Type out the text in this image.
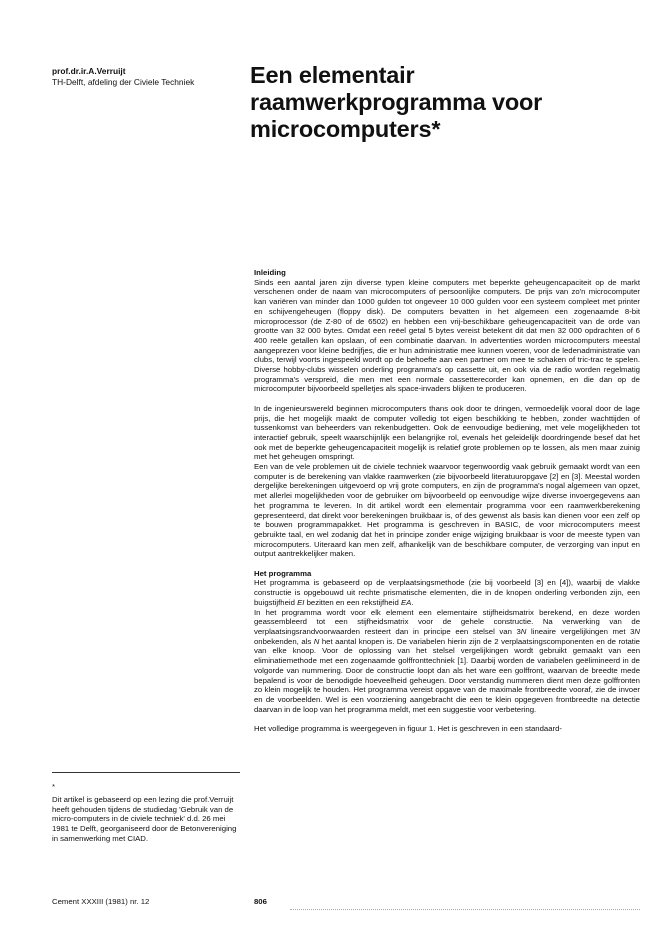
prof.dr.ir.A.Verruijt
TH-Delft, afdeling der Civiele Techniek Een elementair
raamwerkprogramma voor
microcomputers*
Inleiding

Sinds een aantal jaren zijn diverse typen kleine computers met beperkte geheugencapaciteit op de markt verschenen onder de naam van microcomputers of persoonlijke computers. De prijs van zo'n microcomputer kan variëren van minder dan 1000 gulden tot ongeveer 10 000 gulden voor een systeem compleet met printer en schijvengeheugen (floppy disk). De computers bevatten in het algemeen een zogenaamde 8-bit microprocessor (de Z-80 of de 6502) en hebben een vrij-beschikbare geheugencapaciteit van de orde van grootte van 32 000 bytes. Omdat een reëel getal 5 bytes vereist betekent dit dat men 32 000 opdrachten of 6 400 reële getallen kan opslaan, of een combinatie daarvan. In advertenties worden microcomputers meestal aangeprezen voor kleine bedrijfjes, die er hun administratie mee kunnen voeren, voor de ledenadministratie van clubs, terwijl voorts ingespeeld wordt op de behoefte aan een partner om mee te schaken of tric-trac te spelen. Diverse hobby-clubs wisselen onderling programma's op cassette uit, en ook via de radio worden regelmatig programma's verspreid, die men met een normale cassetterecorder kan opnemen, en die dan op de microcomputer bijvoorbeeld spelletjes als space-invaders blijken te produceren.

In de ingenieurswereld beginnen microcomputers thans ook door te dringen, vermoedelijk vooral door de lage prijs, die het mogelijk maakt de computer volledig tot eigen beschikking te hebben, zonder wachttijden of tussenkomst van beheerders van rekenbudgetten. Ook de eenvoudige bediening, met vele mogelijkheden tot interactief gebruik, speelt waarschijnlijk een belangrijke rol, evenals het geleidelijk doordringende besef dat het ook met de beperkte geheugencapaciteit mogelijk is relatief grote problemen op te lossen, als men maar zuinig met het geheugen omspringt.

Een van de vele problemen uit de civiele techniek waarvoor tegenwoordig vaak gebruik gemaakt wordt van een computer is de berekening van vlakke raamwerken (zie bijvoorbeeld literatuuropgave [2] en [3]. Meestal worden dergelijke berekeningen uitgevoerd op vrij grote computers, en zijn de programma's nogal algemeen van opzet, met allerlei mogelijkheden voor de gebruiker om bijvoorbeeld op eenvoudige wijze diverse invoergegevens aan het programma te leveren. In dit artikel wordt een elementair programma voor een raamwerkberekening gepresenteerd, dat direkt voor berekeningen bruikbaar is, of des gewenst als basis kan dienen voor een zelf op te bouwen programmapakket. Het programma is geschreven in BASIC, de voor microcomputers meest gebruikte taal, en wel zodanig dat het in principe zonder enige wijziging bruikbaar is voor de meeste typen van microcomputers. Uiteraard kan men zelf, afhankelijk van de beschikbare computer, de verzorging van input en output aantrekkelijker maken.

Het programma

Het programma is gebaseerd op de verplaatsingsmethode (zie bij voorbeeld [3] en [4]), waarbij de vlakke constructie is opgebouwd uit rechte prismatische elementen, die in de knopen onderling verbonden zijn, een buigstijfheid EI bezitten en een rekstijfheid EA.

In het programma wordt voor elk element een elementaire stijfheidsmatrix berekend, en deze worden geassembleerd tot een stijfheidsmatrix voor de gehele constructie. Na verwerking van de verplaatsingsrandvoorwaarden resteert dan in principe een stelsel van 3N lineaire vergelijkingen met 3N onbekenden, als N het aantal knopen is. De variabelen hierin zijn de 2 verplaatsingscomponenten en de rotatie van elke knoop. Voor de oplossing van het stelsel vergelijkingen wordt gebruikt gemaakt van een eliminatiemethode met een zogenaamde golffronttechniek [1]. Daarbij worden de variabelen geëlimineerd in de volgorde van nummering. Door de constructie loopt dan als het ware een golffront, waarvan de breedte mede bepalend is voor de benodigde hoeveelheid geheugen. Door verstandig nummeren dient men deze golffronten zo klein mogelijk te houden. Het programma vereist opgave van de maximale frontbreedte vooraf, zie de invoer en de voorbeelden. Wel is een voorziening aangebracht die een te klein opgegeven frontbreedte na detectie daarvan in de loop van het programma meldt, met een suggestie voor verbetering.

Het volledige programma is weergegeven in figuur 1. Het is geschreven in een standaard-

*
Dit artikel is gebaseerd op een lezing die prof.Verruijt heeft gehouden tijdens de studiedag 'Gebruik van de micro-computers in de civiele techniek' d.d. 26 mei 1981 te Delft, georganiseerd door de Betonvereniging in samenwerking met CIAD.
Cement XXXIII (1981) nr. 12	806
